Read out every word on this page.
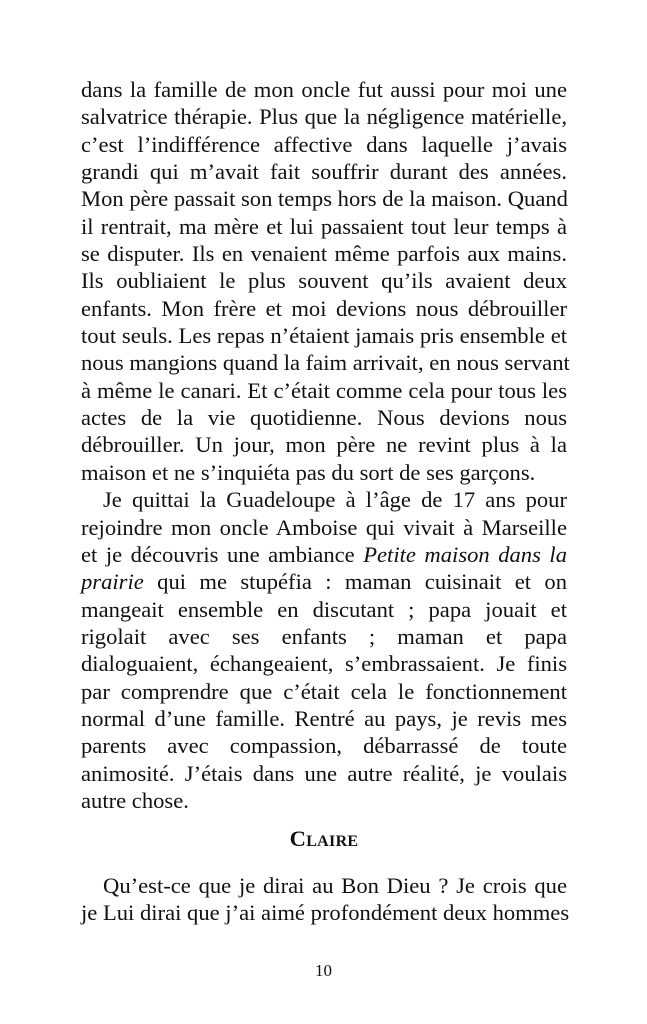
dans la famille de mon oncle fut aussi pour moi une
salvatrice thérapie. Plus que la négligence matérielle,
c’est l’indifférence affective dans laquelle j’avais
grandi qui m’avait fait souffrir durant des années.
Mon père passait son temps hors de la maison. Quand
il rentrait, ma mère et lui passaient tout leur temps à
se disputer. Ils en venaient même parfois aux mains.
Ils oubliaient le plus souvent qu’ils avaient deux
enfants. Mon frère et moi devions nous débrouiller
tout seuls. Les repas n’étaient jamais pris ensemble et
nous mangions quand la faim arrivait, en nous servant
à même le canari. Et c’était comme cela pour tous les
actes de la vie quotidienne. Nous devions nous
débrouiller. Un jour, mon père ne revint plus à la
maison et ne s’inquiéta pas du sort de ses garçons.

Je quittai la Guadeloupe à l’âge de 17 ans pour
rejoindre mon oncle Amboise qui vivait à Marseille
et je découvris une ambiance Petite maison dans la
prairie qui me stupéfia : maman cuisinait et on
mangeait ensemble en discutant ; papa jouait et
rigolait avec ses enfants ; maman et papa
dialoguaient, échangeaient, s’embrassaient. Je finis
par comprendre que c’était cela le fonctionnement
normal d’une famille. Rentré au pays, je revis mes
parents avec compassion, débarrassé de toute
animosité. J’étais dans une autre réalité, je voulais
autre chose.

Claire

Qu’est-ce que je dirai au Bon Dieu ? Je crois que
je Lui dirai que j’ai aimé profondément deux hommes

10
